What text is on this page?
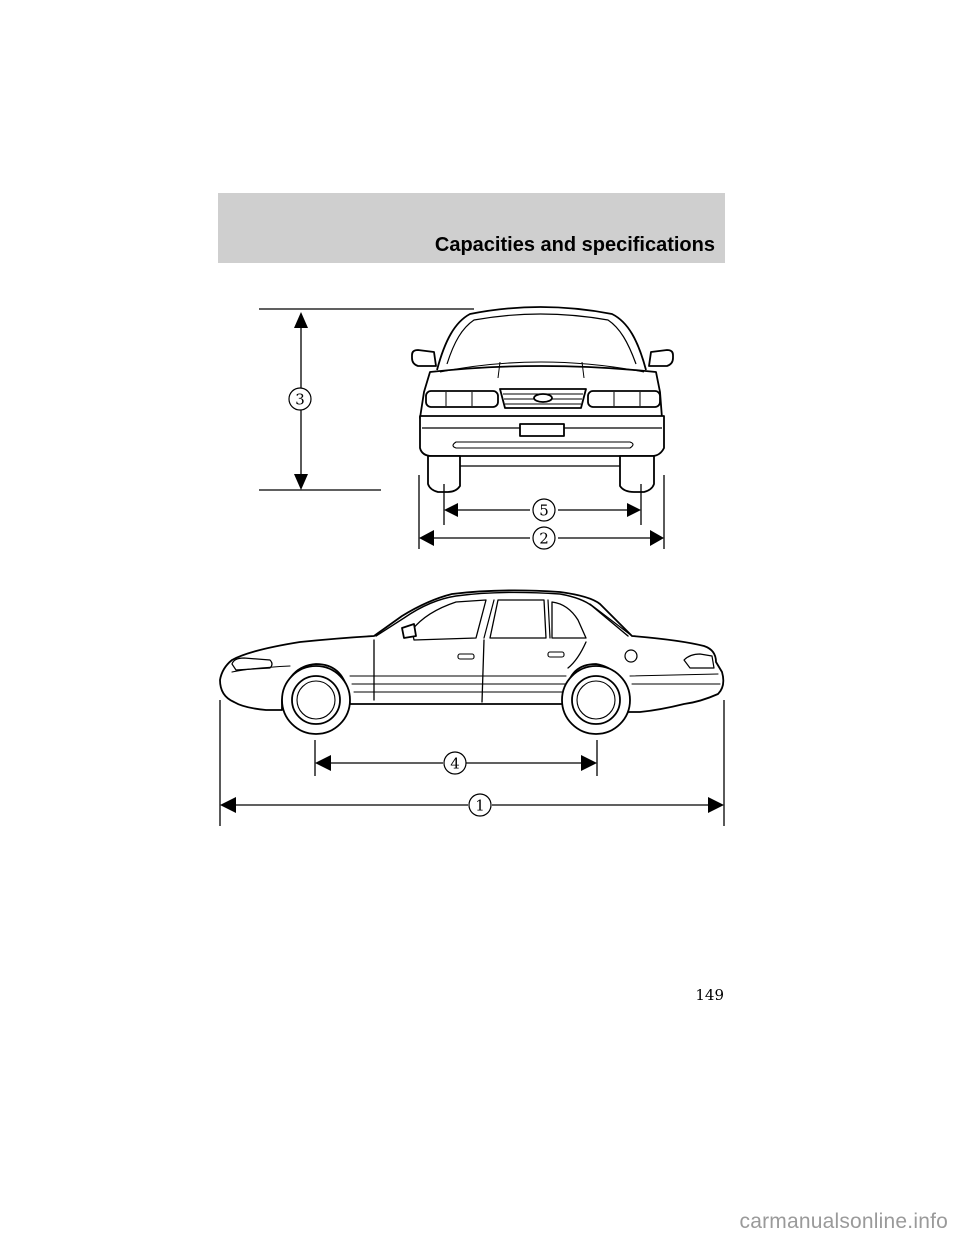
Capacities and specifications
3
5
2
4
1
149
carmanualsonline.info
